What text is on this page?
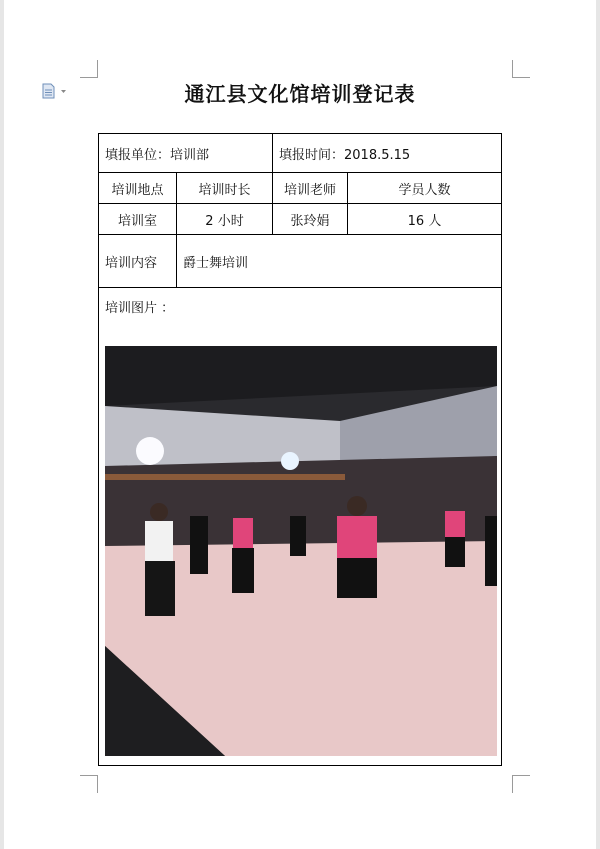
通江县文化馆培训登记表
填报单位：培训部		填报时间：2018.5.15	
培训地点	培训时长	培训老师	学员人数
培训室	2 小时	张玲娟	16 人
培训内容	爵士舞培训		

培训图片 ：			
